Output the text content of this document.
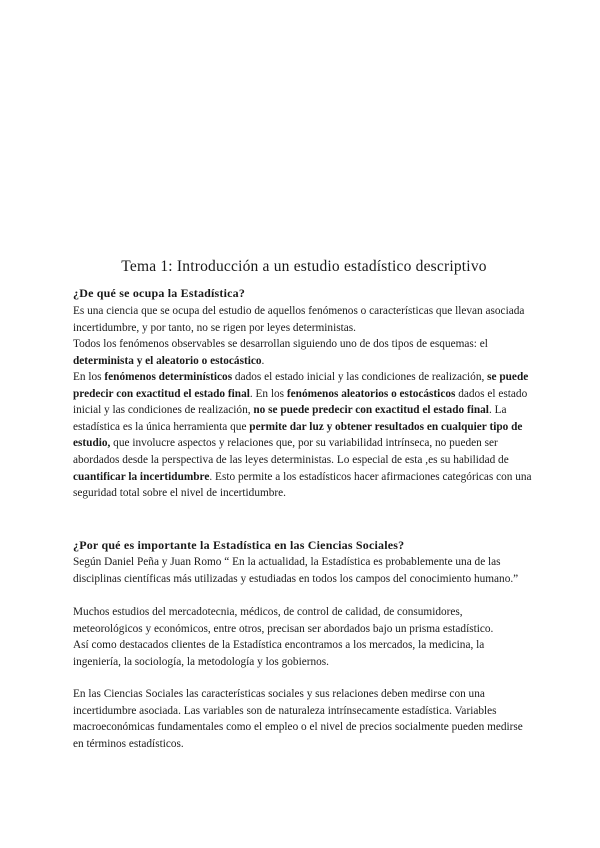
Tema 1: Introducción a un estudio estadístico descriptivo
¿De qué se ocupa la Estadística?

Es una ciencia que se ocupa del estudio de aquellos fenómenos o características que llevan asociada incertidumbre, y por tanto, no se rigen por leyes deterministas.

Todos los fenómenos observables se desarrollan siguiendo uno de dos tipos de esquemas: el determinista y el aleatorio o estocástico.

En los fenómenos determinísticos dados el estado inicial y las condiciones de realización, se puede predecir con exactitud el estado final. En los fenómenos aleatorios o estocásticos dados el estado inicial y las condiciones de realización, no se puede predecir con exactitud el estado final. La estadística es la única herramienta que permite dar luz y obtener resultados en cualquier tipo de estudio, que involucre aspectos y relaciones que, por su variabilidad intrínseca, no pueden ser abordados desde la perspectiva de las leyes deterministas. Lo especial de esta ,es su habilidad de cuantificar la incertidumbre. Esto permite a los estadísticos hacer afirmaciones categóricas con una seguridad total sobre el nivel de incertidumbre.

¿Por qué es importante la Estadística en las Ciencias Sociales?

Según Daniel Peña y Juan Romo “ En la actualidad, la Estadística es probablemente una de las disciplinas científicas más utilizadas y estudiadas en todos los campos del conocimiento humano.”

Muchos estudios del mercadotecnia, médicos, de control de calidad, de consumidores, meteorológicos y económicos, entre otros, precisan ser abordados bajo un prisma estadístico.

Así como destacados clientes de la Estadística encontramos a los mercados, la medicina, la ingeniería, la sociología, la metodología y los gobiernos.

En las Ciencias Sociales las características sociales y sus relaciones deben medirse con una incertidumbre asociada. Las variables son de naturaleza intrínsecamente estadística. Variables macroeconómicas fundamentales como el empleo o el nivel de precios socialmente pueden medirse en términos estadísticos.
